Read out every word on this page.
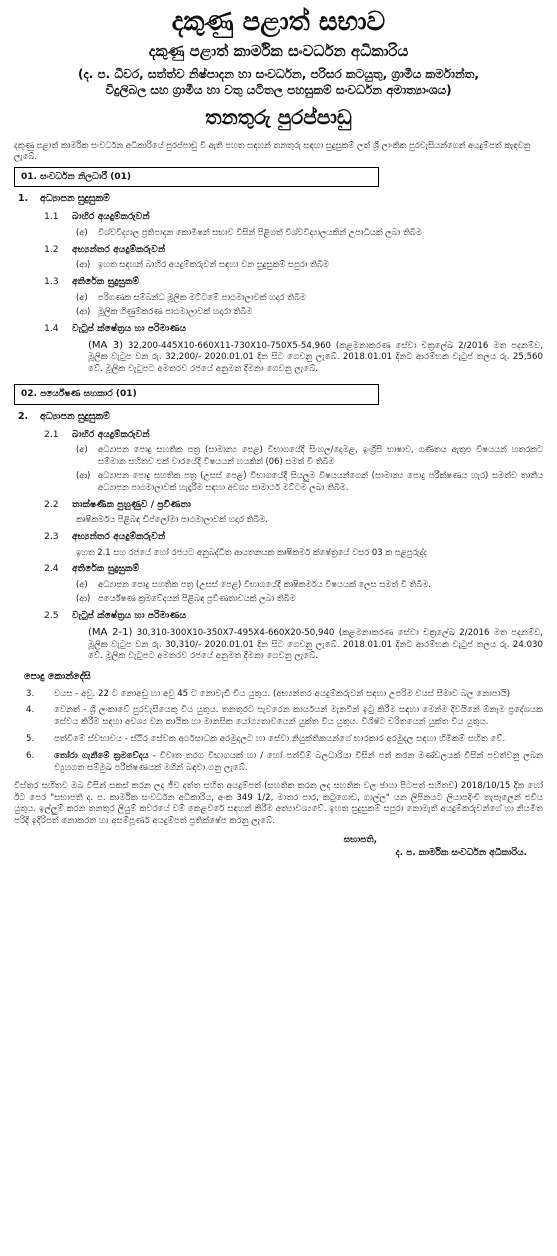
දකුණු පළාත් සභාව
දකුණු පළාත් කාර්මික සංවර්ධන අධිකාරිය
(ද. ප. ධීවර, සත්ත්ව නිෂ්පාදන හා සංවර්ධන, පරිසර කටයුතු, ග්‍රාමීය කර්මාන්ත,
විදුලිබල සහ ග්‍රාමීය හා වතු යටිතල පහසුකම් සංවර්ධන අමාත්‍යාංශය)
තනතුරු පුරප්පාඩු
දකුණු පළාත් කාර්මික සංවර්ධන අධිකාරියේ පුරප්පාඩු වී ඇති පහත සඳහන් තනතුරු සඳහා සුදුසුකම් ලත් ශ්‍රී ලාංකික පුරවැසියන්ගෙන් අයදුම්පත් කැඳවනු ලැබේ.
01. සංවර්ධන නිලධාරී (01)
1.	අධ්‍යාපන සුදුසුකම්
1.1	බාහිර අයදුම්කරුවන්
(අ)	විශ්වවිද්‍යාල ප්‍රතිපාදන කොමිෂන් සභාව විසින් පිළිගත් විශ්වවිද්‍යාලයකින් උපාධියක් ලබා තිබීම
1.2	අභ්‍යන්තර අයදුම්කරුවන්
(ආ) ඉහත සඳහන් බාහිර අයදුම්කරුවන් සඳහා වන සුදුසුකම් සපුරා තිබීම
1.3	අතිරේක සුදුසුකම්
(අ)	පරිගණක සම්බන්ධ මූලික මට්ටමේ පාඨමාලාවක් හදාර තිබීම
(ආ) මූලික ගිණුම්කරණ පාඨමාලාවක් හදාරා තිබීම
1.4	වැටුප් ක්ෂේත්‍රය හා පරිමාණය
(MA 3) 32,200-445X10-660X11-730X10-750X5-54,960 (කළමනාකරණ සේවා චක්‍රලේඛ 2/2016 මත පදනම්ව, මූලික වැටුප වන රු. 32,200/- 2020.01.01 දින සිට ගෙවනු ලැබේ. 2018.01.01 දිනට ආරම්භක වැටුප් තලය රු. 25,560 වේ. මූලික වැටුපට අමතරව රජයේ අනුමත දීමනා ගෙවනු ලැබේ.
02. පර්යේෂණ සහකාර (01)
2.	අධ්‍යාපන සුදුසුකම්
2.1	බාහිර අයදුම්කරුවන්
(අ)	අධ්‍යාපන පොදු සහතික පත්‍ර (සාමාන්‍ය පෙළ) විභාගයේදී සිංහල/දෙමළ, ඉංග්‍රීසි භාෂාව, ගණිතය ඇතුළු විෂයයන් හතරකට සම්මාන සහිතව එක් වාරයේදී විෂයයන් හයකින් (06) සමත් වී තිබීම
(ආ) අධ්‍යාපන පොදු සහතික පත්‍ර (උසස් පෙළ) විභාගයේදී සියලුම විෂයයන්ගෙන් (සාමාන්‍ය පොදු පරීක්ෂණය හැර) සමත්ව තෘතීය අධ්‍යාපන පාඨමාලාවක් හැදෑරීම සඳහා අවශ්‍ය සාමාර්ථ මට්ටම ලබා තිබීම.
2.2	තාක්ෂණික පුහුණුව / ප්‍රවීණතා
කෘෂිකර්මය පිළිබඳ ඩිප්ලෝමා පාඨමාලාවක් හදාර තිබීම.
2.3	අභ්‍යන්තර අයදුම්කරුවන්
ඉහත 2.1 සහ රජයේ හෝ රජයට අනුබද්ධිත ආයතනයක කෘෂිකර්ම ක්ෂේත්‍රයේ වසර 03 ක පළපුරුද්ද
2.4	අතිරේක සුදුසුකම්
(අ)	අධ්‍යාපන පොදු සහතික පත්‍ර (උසස් පෙළ) විභාගයේදී කෘෂිකර්මය විෂයයක් ලෙස සමත් වී තිබීම.
(ආ) පර්යේෂණ ක්‍රමවේදයන් පිළිබඳ ප්‍රවීණතාවයක් ලබා තිබීම
2.5	වැටුප් ක්ෂේත්‍රය හා පරිමාණය
(MA 2-1) 30,310-300X10-350X7-495X4-660X20-50,940 (කළමනාකරණ සේවා චක්‍රලේඛ 2/2016 මත පදනම්ව, මූලික වැටුප වන රු. 30,310/- 2020.01.01 දින සිට ගෙවනු ලැබේ. 2018.01.01 දිනට ආරම්භක වැටුප් තලය රු. 24.030 වේ. මූලික වැටුපට අමතරව රජයේ අනුමත දීමනා ගෙවනු ලැබේ.
පොදු කොන්දේසි
3.	වයස - අවු. 22 ට නොඅඩු හා අවු 45 ට නොවැඩි විය යුතුය. (අභ්‍යන්තර අයදුම්කරුවන් සඳහා උපරිම වයස් සීමාව බල නොපායි)
4.	වෙනත් - ශ්‍රී ලංකාවේ පුරවැසියෙකු විය යුතුය. තනතුරට පැවරෙන කාර්යයන් මැනවින් ඉටු කිරීම සඳහා මෙන්ම දිවයිනේ ඕනෑම ප්‍රදේශයක සේවය කිරීම සඳහා අවශ්‍ය වන කායික හා මානසික යෝග්‍යතාවයෙන් යුක්ත විය යුතුය. විශිෂ්ට චරිතයෙන් යුක්ත විය යුතුය.
5.	පත්වීමේ ස්වභාවය - ස්ථිර සේවක අර්ථසාධක අරමුදලට හා සේවා නියුක්තිකයන්ගේ භාරකාර අරමුදල සඳහා හිමිකම් සහිත වේ.
6.	තෝරා ගැනීමේ ක්‍රමවේදය - විවෘත තරග විභාගයක් හා / හෝ පත්වීම් බලධාරියා විසින් පත් කරන මණ්ඩලයක් විසින් පවත්වනු ලබන ව්‍යුහගත සම්මුඛ පරීක්ෂණයක් මගින් බඳවා ගනු ලැබේ.
විස්තර සහිතව ඔබ විසින් සකස් කරන ලද ජීව දත්ත සහිත අයදුම්පත් (සහතික කරන ලද සහතික වල ඡායා පිටපත් සහිතව) 2018/10/15 දින හෝ ඊට පෙර "සභාපති ද. ප. කාර්මික සංවර්ධන අධිකාරිය, අංක 349 1/2, මාතර පාර, කටුගොඩ, ගාල්ල" යන ලිපිනයට ලියාපදිංචි තැපෑලෙන් එවිය යුතුය. ඉල්ලුම් කරන තනතුර ලියුම් කවරයේ වම් කෙළවරේ සඳහන් කිරීම අත්‍යාවශ්‍යවේ. ඉහත සුදුසුකම් සපුරා නොමැති අයදුම්කරුවන්ගේ හා නියමිත පරිදි ඉදිරිපත් නොකරන හා අසම්පූර්ණ අයදුම්පත් ප්‍රතික්ෂේප කරනු ලැබේ.
සභාපති,
ද. ප. කාර්මික සංවර්ධන අධිකාරිය.
